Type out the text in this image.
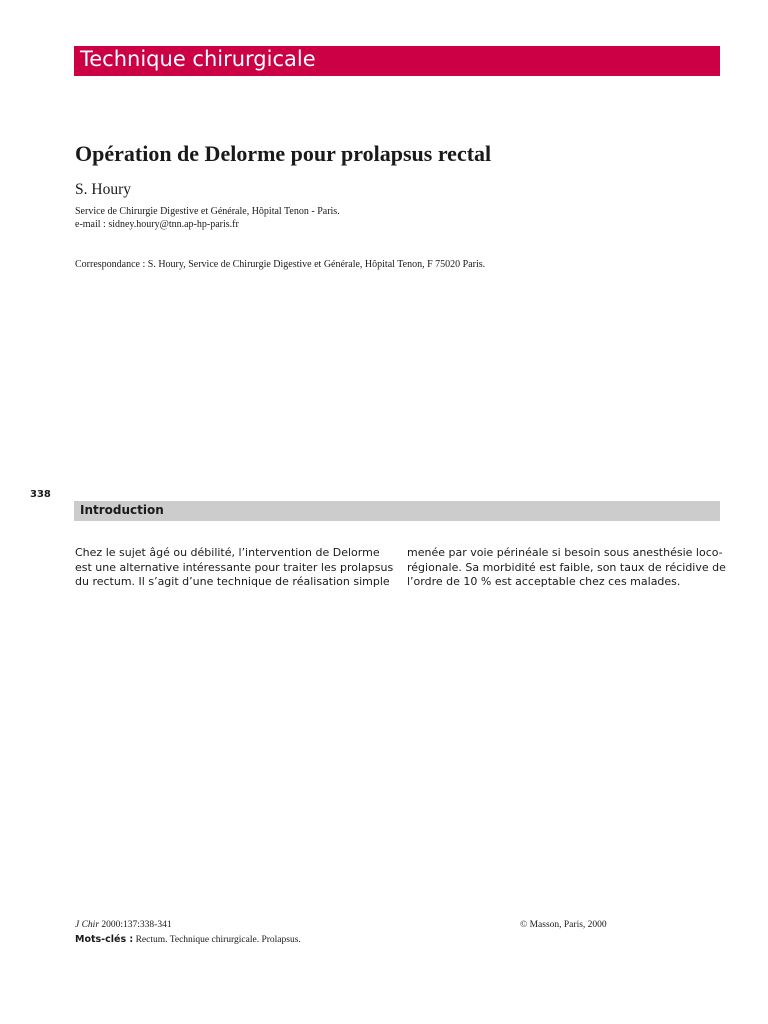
Technique chirurgicale
Opération de Delorme pour prolapsus rectal
S. Houry
Service de Chirurgie Digestive et Générale, Hôpital Tenon - Paris.
e-mail : sidney.houry@tnn.ap-hp-paris.fr
Correspondance : S. Houry, Service de Chirurgie Digestive et Générale, Hôpital Tenon, F 75020 Paris.
338
Introduction
Chez le sujet âgé ou débilité, l’intervention de Delorme
est une alternative intéressante pour traiter les prolapsus
du rectum. Il s’agit d’une technique de réalisation simple
menée par voie périnéale si besoin sous anesthésie loco-
régionale. Sa morbidité est faible, son taux de récidive de
l’ordre de 10 % est acceptable chez ces malades.
J Chir 2000:137:338-341	© Masson, Paris, 2000
Mots-clés : Rectum. Technique chirurgicale. Prolapsus.
